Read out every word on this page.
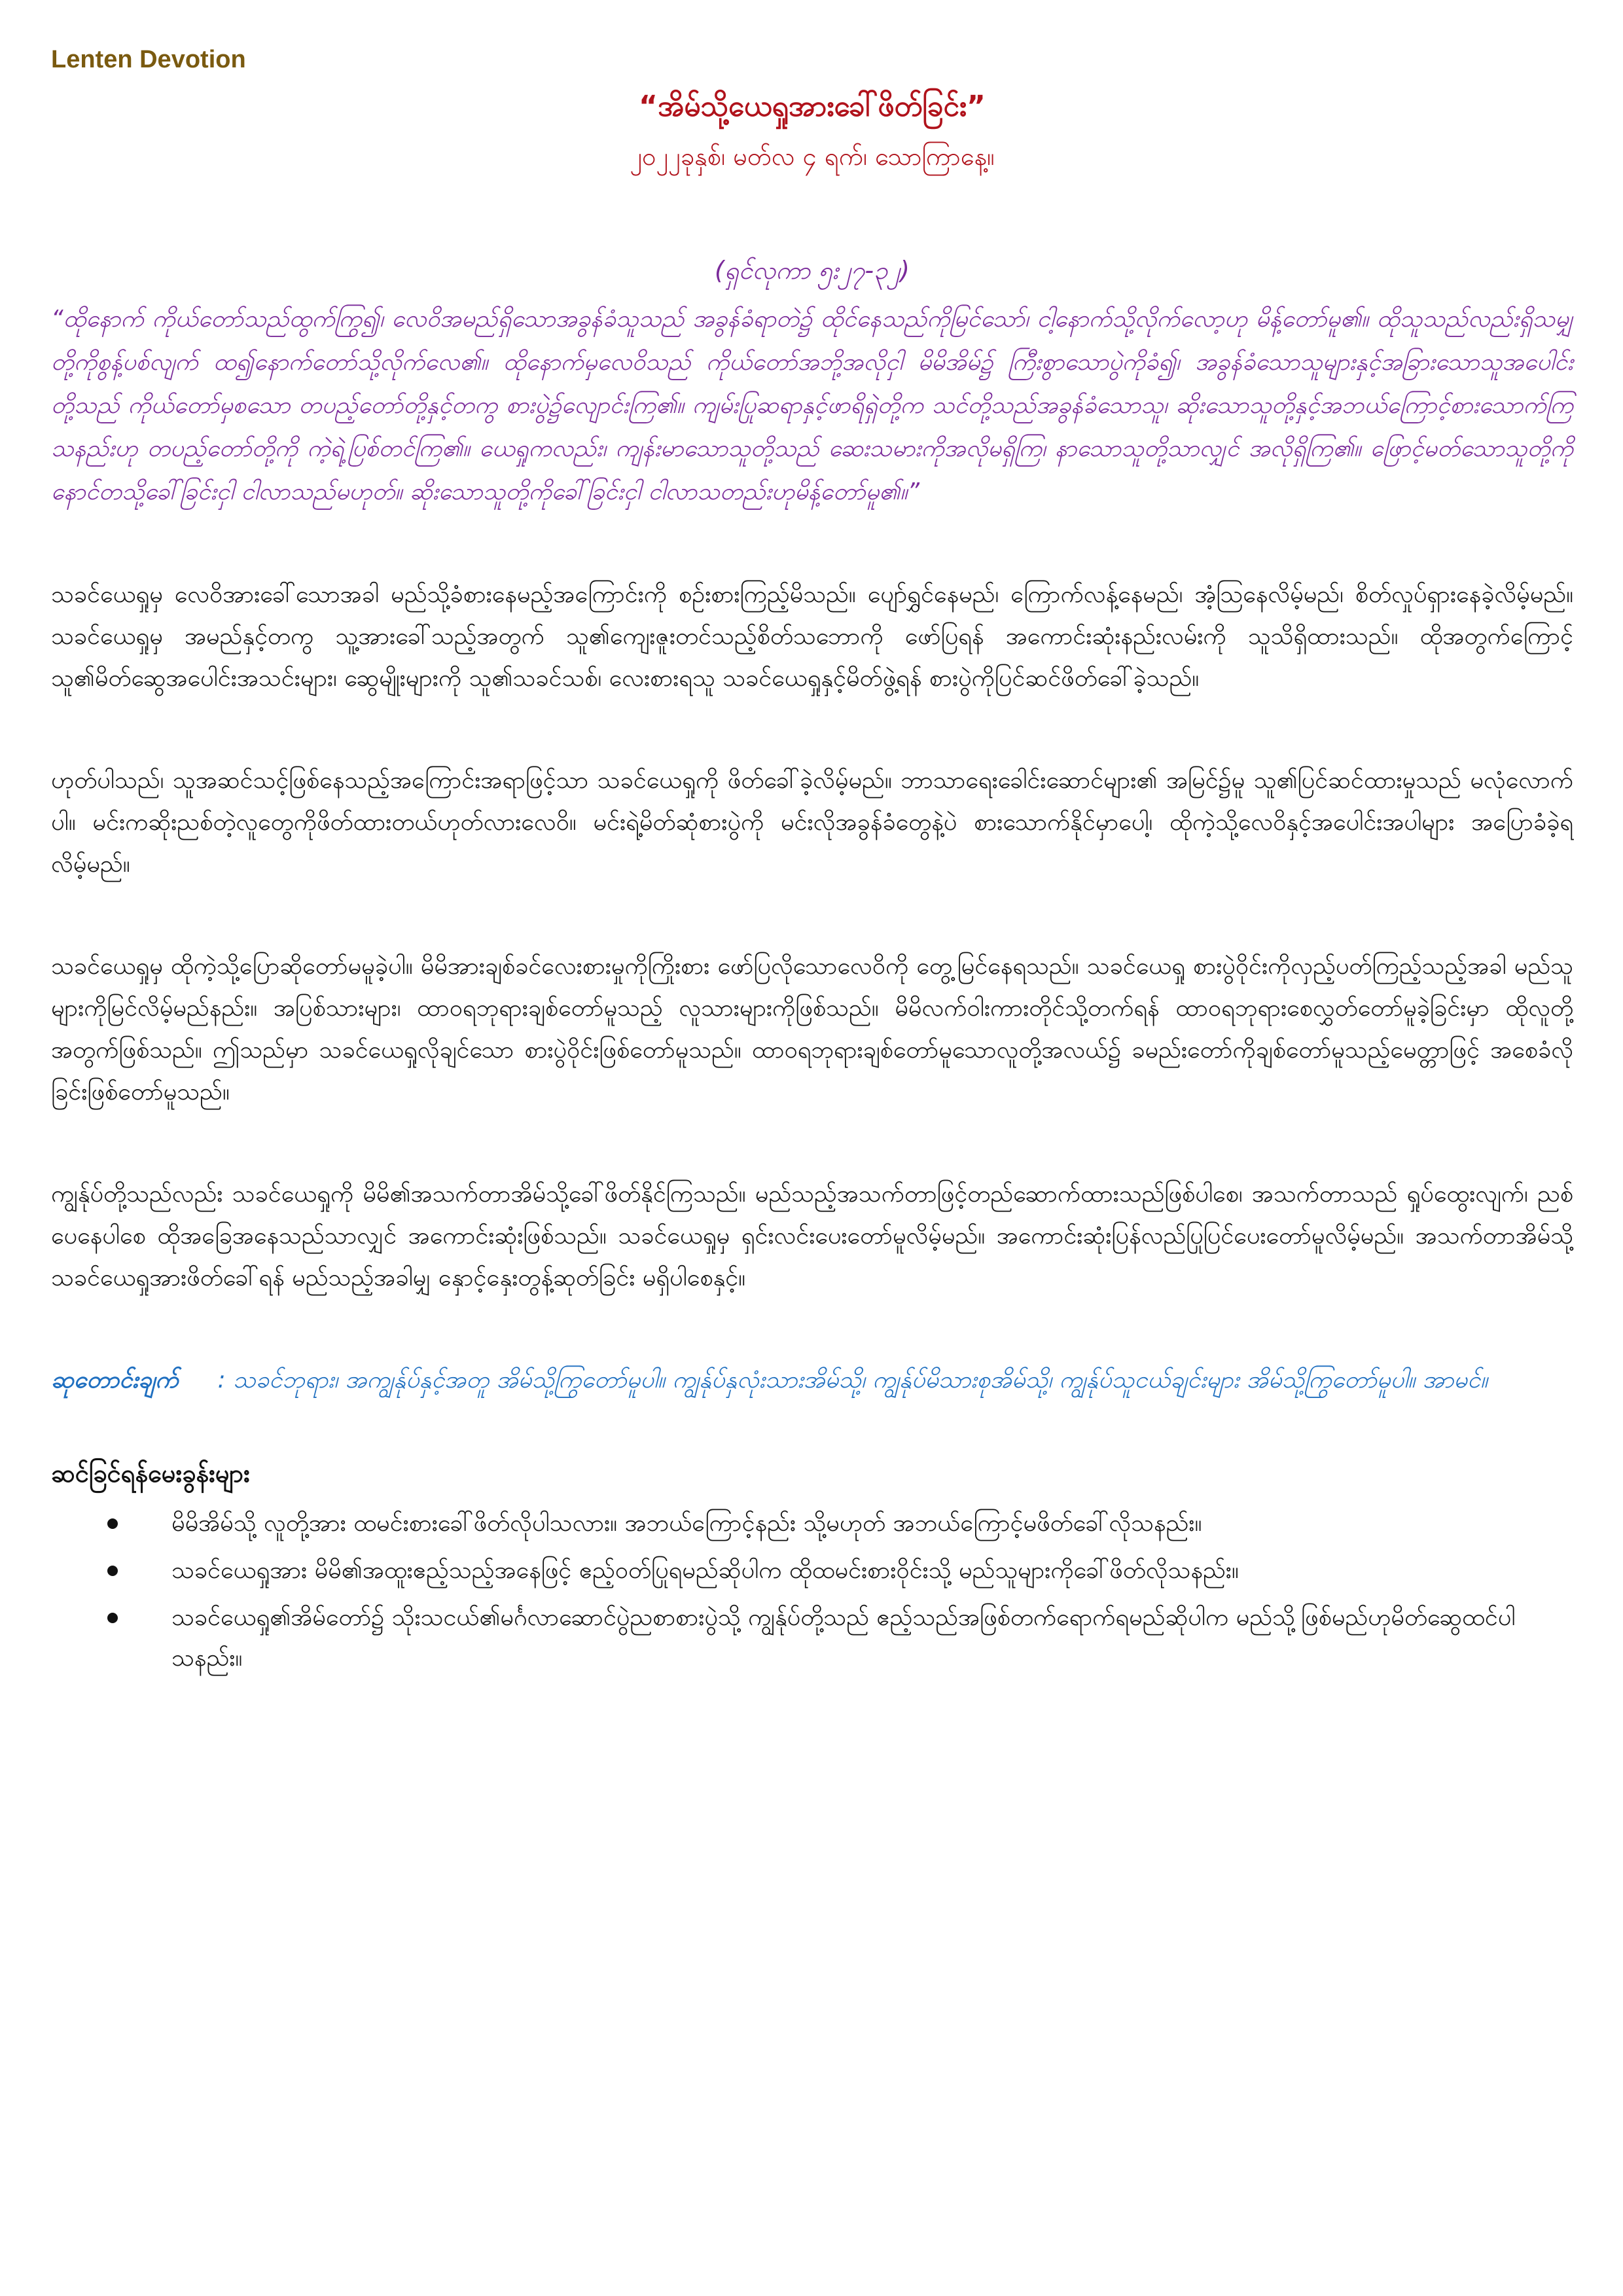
Lenten Devotion
“အိမ်သို့ယေရှုအားခေါ်ဖိတ်ခြင်း”
၂၀၂၂ခုနှစ်၊ မတ်လ ၄ ရက်၊ သောကြာနေ့။
(ရှင်လုကာ ၅း၂၇-၃၂)

“ထိုနောက် ကိုယ်တော်သည်ထွက်ကြွ၍၊ လေဝိအမည်ရှိသောအခွန်ခံသူသည် အခွန်ခံရာတဲ၌ ထိုင်နေသည်ကိုမြင်သော်၊ ငါ့နောက်သို့လိုက်လော့ဟု မိန့်တော်မူ၏။ ထိုသူသည်လည်းရှိသမျှတို့ကိုစွန့်ပစ်လျက် ထ၍နောက်တော်သို့လိုက်လေ၏။ ထိုနောက်မှလေဝိသည် ကိုယ်တော်အဘို့အလိုငှါ မိမိအိမ်၌ ကြီးစွာသောပွဲကိုခံ၍၊ အခွန်ခံသောသူများနှင့်အခြားသောသူအပေါင်းတို့သည် ကိုယ်တော်မှစသော တပည့်တော်တို့နှင့်တကွ စားပွဲ၌လျောင်းကြ၏။ ကျမ်းပြုဆရာနှင့်ဖာရိရှဲတို့က သင်တို့သည်အခွန်ခံသောသူ၊ ဆိုးသောသူတို့နှင့်အဘယ်ကြောင့်စားသောက်ကြသနည်းဟု တပည့်တော်တို့ကို ကဲ့ရဲ့ပြစ်တင်ကြ၏။ ယေရှုကလည်း၊ ကျန်းမာသောသူတို့သည် ဆေးသမားကိုအလိုမရှိကြ၊ နာသောသူတို့သာလျှင် အလိုရှိကြ၏။ ဖြောင့်မတ်သောသူတို့ကို နောင်တသို့ခေါ်ခြင်းငှါ ငါလာသည်မဟုတ်။ ဆိုးသောသူတို့ကိုခေါ်ခြင်းငှါ ငါလာသတည်းဟုမိန့်တော်မူ၏။”

သခင်ယေရှုမှ လေဝိအားခေါ်သောအခါ မည်သို့ခံစားနေမည့်အကြောင်းကို စဉ်းစားကြည့်မိသည်။ ပျော်ရွှင်နေမည်၊ ကြောက်လန့်နေမည်၊ အံ့သြနေလိမ့်မည်၊ စိတ်လှုပ်ရှားနေခဲ့လိမ့်မည်။ သခင်ယေရှုမှ အမည်နှင့်တကွ သူ့အားခေါ်သည့်အတွက် သူ၏ကျေးဇူးတင်သည့်စိတ်သဘောကို ဖော်ပြရန် အကောင်းဆုံးနည်းလမ်းကို သူသိရှိထားသည်။ ထိုအတွက်ကြောင့် သူ၏မိတ်ဆွေအပေါင်းအသင်းများ၊ ဆွေမျိုးများကို သူ၏သခင်သစ်၊ လေးစားရသူ သခင်ယေရှုနှင့်မိတ်ဖွဲ့ရန် စားပွဲကိုပြင်ဆင်ဖိတ်ခေါ်ခဲ့သည်။

ဟုတ်ပါသည်၊ သူအဆင်သင့်ဖြစ်နေသည့်အကြောင်းအရာဖြင့်သာ သခင်ယေရှုကို ဖိတ်ခေါ်ခဲ့လိမ့်မည်။ ဘာသာရေးခေါင်းဆောင်များ၏ အမြင်၌မူ သူ၏ပြင်ဆင်ထားမှုသည် မလုံလောက်ပါ။ မင်းကဆိုးညစ်တဲ့လူတွေကိုဖိတ်ထားတယ်ဟုတ်လားလေဝိ။ မင်းရဲ့မိတ်ဆုံစားပွဲကို မင်းလိုအခွန်ခံတွေနဲ့ပဲ စားသောက်နိုင်မှာပေါ့၊ ထိုကဲ့သို့လေဝိနှင့်အပေါင်းအပါများ အပြောခံခဲ့ရလိမ့်မည်။

သခင်ယေရှုမှ ထိုကဲ့သို့ပြောဆိုတော်မမူခဲ့ပါ။ မိမိအားချစ်ခင်လေးစားမှုကိုကြိုးစား ဖော်ပြလိုသောလေဝိကို တွေ့မြင်နေရသည်။ သခင်ယေရှု စားပွဲဝိုင်းကိုလှည့်ပတ်ကြည့်သည့်အခါ မည်သူများကိုမြင်လိမ့်မည်နည်း။ အပြစ်သားများ၊ ထာဝရဘုရားချစ်တော်မူသည့် လူသားများကိုဖြစ်သည်။ မိမိလက်ဝါးကားတိုင်သို့တက်ရန် ထာဝရဘုရားစေလွှတ်တော်မူခဲ့ခြင်းမှာ ထိုလူတို့အတွက်ဖြစ်သည်။ ဤသည်မှာ သခင်ယေရှုလိုချင်သော စားပွဲဝိုင်းဖြစ်တော်မူသည်။ ထာဝရဘုရားချစ်တော်မူသောလူတို့အလယ်၌ ခမည်းတော်ကိုချစ်တော်မူသည့်မေတ္တာဖြင့် အစေခံလိုခြင်းဖြစ်တော်မူသည်။

ကျွန်ုပ်တို့သည်လည်း သခင်ယေရှုကို မိမိ၏အသက်တာအိမ်သို့ခေါ်ဖိတ်နိုင်ကြသည်။ မည်သည့်အသက်တာဖြင့်တည်ဆောက်ထားသည်ဖြစ်ပါစေ၊ အသက်တာသည် ရှုပ်ထွေးလျက်၊ ညစ်ပေနေပါစေ ထိုအခြေအနေသည်သာလျှင် အကောင်းဆုံးဖြစ်သည်။ သခင်ယေရှုမှ ရှင်းလင်းပေးတော်မူလိမ့်မည်။ အကောင်းဆုံးပြန်လည်ပြုပြင်ပေးတော်မူလိမ့်မည်။ အသက်တာအိမ်သို့ သခင်ယေရှုအားဖိတ်ခေါ်ရန် မည်သည့်အခါမျှ နှောင့်နှေးတွန့်ဆုတ်ခြင်း မရှိပါစေနှင့်။

ဆုတောင်းချက် : သခင်ဘုရား၊ အကျွန်ုပ်နှင့်အတူ အိမ်သို့ကြွတော်မူပါ။ ကျွန်ုပ်နှလုံးသားအိမ်သို့၊ ကျွန်ုပ်မိသားစုအိမ်သို့၊ ကျွန်ုပ်သူငယ်ချင်းများ အိမ်သို့ကြွတော်မူပါ။ အာမင်။

ဆင်ခြင်ရန်မေးခွန်းများ
မိမိအိမ်သို့ လူတို့အား ထမင်းစားခေါ်ဖိတ်လိုပါသလား။ အဘယ်ကြောင့်နည်း သို့မဟုတ် အဘယ်ကြောင့်မဖိတ်ခေါ်လိုသနည်း။
သခင်ယေရှုအား မိမိ၏အထူးဧည့်သည့်အနေဖြင့် ဧည့်ဝတ်ပြုရမည်ဆိုပါက ထိုထမင်းစားဝိုင်းသို့ မည်သူများကိုခေါ်ဖိတ်လိုသနည်း။
သခင်ယေရှု၏အိမ်တော်၌ သိုးသငယ်၏မင်္ဂလာဆောင်ပွဲညစာစားပွဲသို့ ကျွန်ုပ်တို့သည် ဧည့်သည်အဖြစ်တက်ရောက်ရမည်ဆိုပါက မည်သို့ဖြစ်မည်ဟုမိတ်ဆွေထင်ပါသနည်း။
